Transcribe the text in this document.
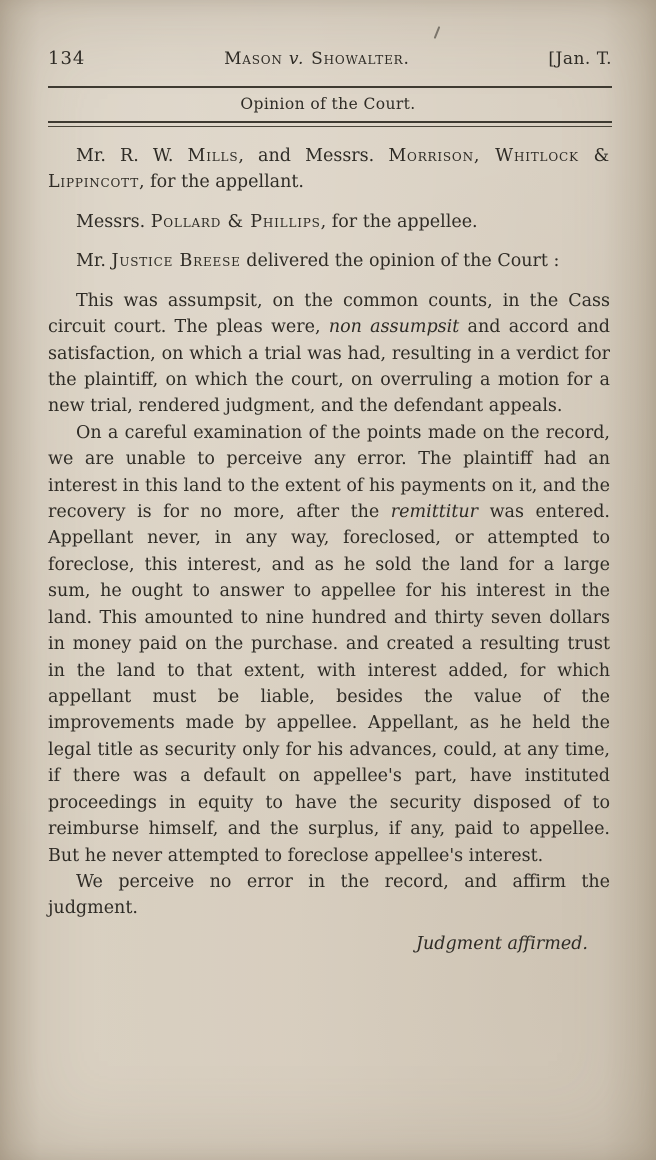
134	Mason v. Showalter.	[Jan. T.
Opinion of the Court.

Mr. R. W. Mills, and Messrs. Morrison, Whitlock & Lippincott, for the appellant.

Messrs. Pollard & Phillips, for the appellee.

Mr. Justice Breese delivered the opinion of the Court :

This was assumpsit, on the common counts, in the Cass circuit court. The pleas were, non assumpsit and accord and satisfaction, on which a trial was had, resulting in a verdict for the plaintiff, on which the court, on overruling a motion for a new trial, rendered judgment, and the defendant appeals.

On a careful examination of the points made on the record, we are unable to perceive any error. The plaintiff had an interest in this land to the extent of his payments on it, and the recovery is for no more, after the remittitur was entered. Appellant never, in any way, foreclosed, or attempted to foreclose, this interest, and as he sold the land for a large sum, he ought to answer to appellee for his interest in the land. This amounted to nine hundred and thirty seven dollars in money paid on the purchase. and created a resulting trust in the land to that extent, with interest added, for which appellant must be liable, besides the value of the improvements made by appellee. Appellant, as he held the legal title as security only for his advances, could, at any time, if there was a default on appellee's part, have instituted proceedings in equity to have the security disposed of to reimburse himself, and the surplus, if any, paid to appellee. But he never attempted to foreclose appellee's interest.

We perceive no error in the record, and affirm the judgment.

Judgment affirmed.
